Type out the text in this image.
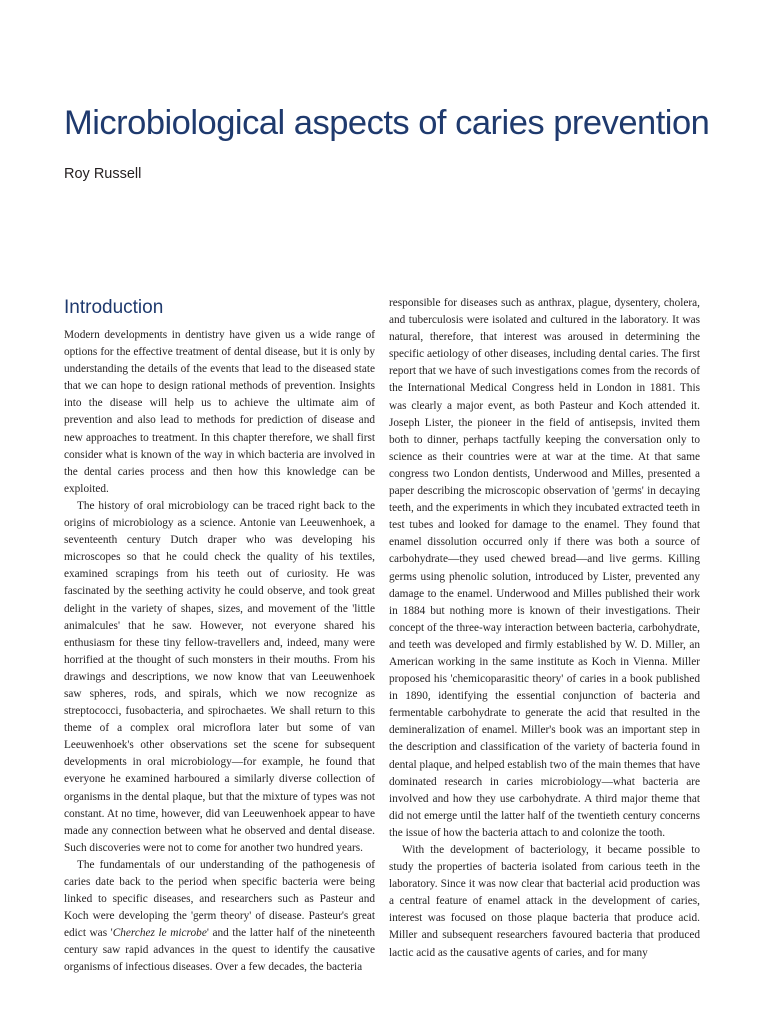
Microbiological aspects of caries prevention
Roy Russell
Introduction

Modern developments in dentistry have given us a wide range of options for the effective treatment of dental disease, but it is only by understanding the details of the events that lead to the diseased state that we can hope to design rational methods of prevention. Insights into the disease will help us to achieve the ultimate aim of prevention and also lead to methods for prediction of disease and new approaches to treatment. In this chapter therefore, we shall first consider what is known of the way in which bacteria are involved in the dental caries process and then how this knowledge can be exploited.

The history of oral microbiology can be traced right back to the origins of microbiology as a science. Antonie van Leeuwenhoek, a seventeenth century Dutch draper who was developing his microscopes so that he could check the quality of his textiles, examined scrapings from his teeth out of curiosity. He was fascinated by the seething activity he could observe, and took great delight in the variety of shapes, sizes, and movement of the 'little animalcules' that he saw. However, not everyone shared his enthusiasm for these tiny fellow-travellers and, indeed, many were horrified at the thought of such monsters in their mouths. From his drawings and descriptions, we now know that van Leeuwenhoek saw spheres, rods, and spirals, which we now recognize as streptococci, fusobacteria, and spirochaetes. We shall return to this theme of a complex oral microflora later but some of van Leeuwenhoek's other observations set the scene for subsequent developments in oral microbiology—for example, he found that everyone he examined harboured a similarly diverse collection of organisms in the dental plaque, but that the mixture of types was not constant. At no time, however, did van Leeuwenhoek appear to have made any connection between what he observed and dental disease. Such discoveries were not to come for another two hundred years.

The fundamentals of our understanding of the pathogenesis of caries date back to the period when specific bacteria were being linked to specific diseases, and researchers such as Pasteur and Koch were developing the 'germ theory' of disease. Pasteur's great edict was 'Cherchez le microbe' and the latter half of the nineteenth century saw rapid advances in the quest to identify the causative organisms of infectious diseases. Over a few decades, the bacteria

responsible for diseases such as anthrax, plague, dysentery, cholera, and tuberculosis were isolated and cultured in the laboratory. It was natural, therefore, that interest was aroused in determining the specific aetiology of other diseases, including dental caries. The first report that we have of such investigations comes from the records of the International Medical Congress held in London in 1881. This was clearly a major event, as both Pasteur and Koch attended it. Joseph Lister, the pioneer in the field of antisepsis, invited them both to dinner, perhaps tactfully keeping the conversation only to science as their countries were at war at the time. At that same congress two London dentists, Underwood and Milles, presented a paper describing the microscopic observation of 'germs' in decaying teeth, and the experiments in which they incubated extracted teeth in test tubes and looked for damage to the enamel. They found that enamel dissolution occurred only if there was both a source of carbohydrate—they used chewed bread—and live germs. Killing germs using phenolic solution, introduced by Lister, prevented any damage to the enamel. Underwood and Milles published their work in 1884 but nothing more is known of their investigations. Their concept of the three-way interaction between bacteria, carbohydrate, and teeth was developed and firmly established by W. D. Miller, an American working in the same institute as Koch in Vienna. Miller proposed his 'chemicoparasitic theory' of caries in a book published in 1890, identifying the essential conjunction of bacteria and fermentable carbohydrate to generate the acid that resulted in the demineralization of enamel. Miller's book was an important step in the description and classification of the variety of bacteria found in dental plaque, and helped establish two of the main themes that have dominated research in caries microbiology—what bacteria are involved and how they use carbohydrate. A third major theme that did not emerge until the latter half of the twentieth century concerns the issue of how the bacteria attach to and colonize the tooth.

With the development of bacteriology, it became possible to study the properties of bacteria isolated from carious teeth in the laboratory. Since it was now clear that bacterial acid production was a central feature of enamel attack in the development of caries, interest was focused on those plaque bacteria that produce acid. Miller and subsequent researchers favoured bacteria that produced lactic acid as the causative agents of caries, and for many
